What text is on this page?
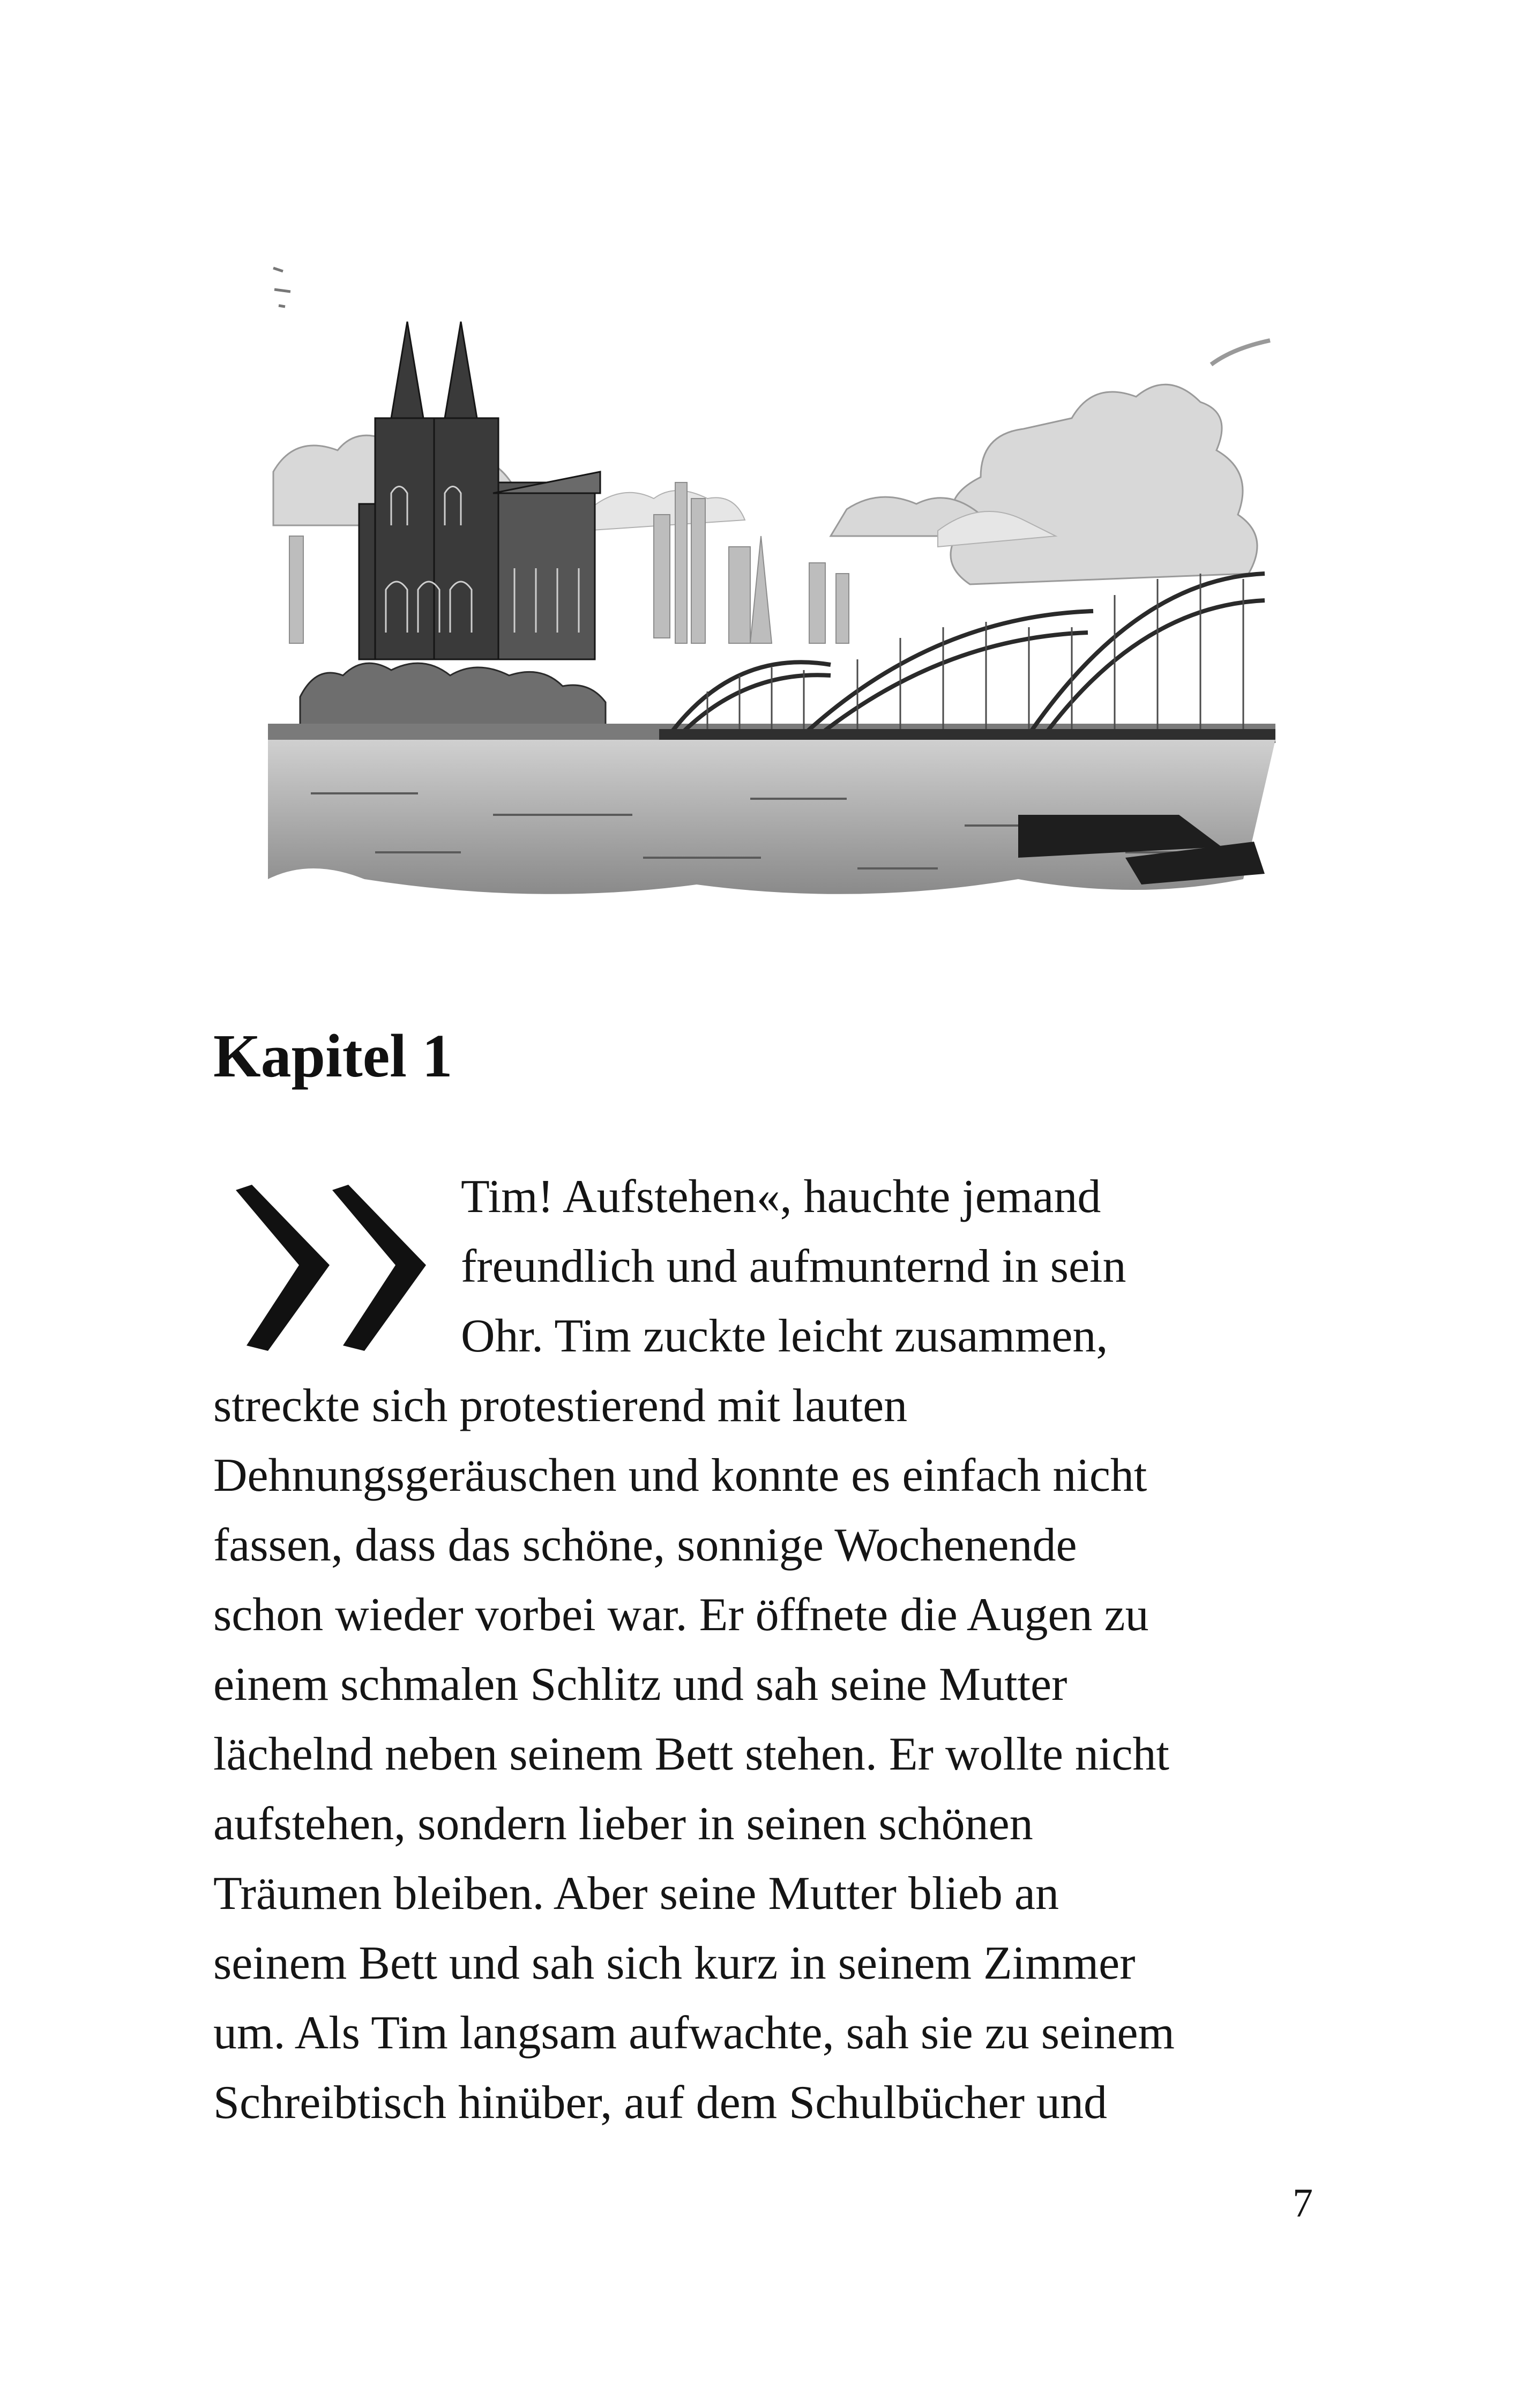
Kapitel 1

Tim! Aufstehen«, hauchte jemand

freundlich und aufmunternd in sein

Ohr. Tim zuckte leicht zusammen,

streckte sich protestierend mit lauten

Dehnungsgeräuschen und konnte es einfach nicht

fassen, dass das schöne, sonnige Wochenende

schon wieder vorbei war. Er öffnete die Augen zu

einem schmalen Schlitz und sah seine Mutter

lächelnd neben seinem Bett stehen. Er wollte nicht

aufstehen, sondern lieber in seinen schönen

Träumen bleiben. Aber seine Mutter blieb an

seinem Bett und sah sich kurz in seinem Zimmer

um. Als Tim langsam aufwachte, sah sie zu seinem

Schreibtisch hinüber, auf dem Schulbücher und

7
